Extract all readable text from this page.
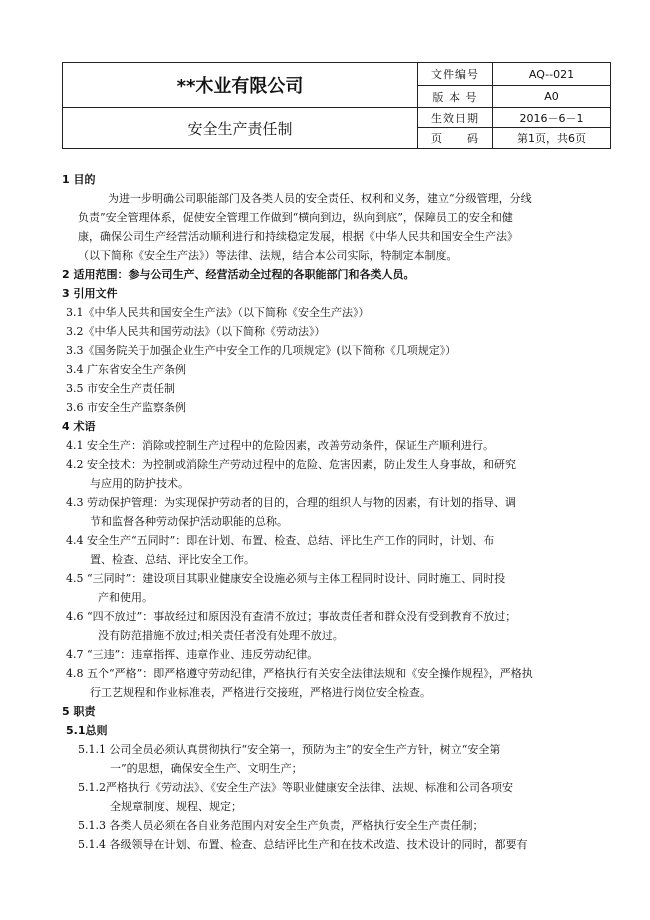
**木业有限公司	文件编号	AQ--021
	版 本 号	A0
安全生产责任制	生效日期	2016－6－1
	页　　码	第1页，共6页
1 目的
为进一步明确公司职能部门及各类人员的安全责任、权利和义务，建立“分级管理，分线
负责”安全管理体系，促使安全管理工作做到“横向到边，纵向到底”，保障员工的安全和健
康，确保公司生产经营活动顺利进行和持续稳定发展，根据《中华人民共和国安全生产法》
（以下简称《安全生产法》）等法律、法规，结合本公司实际，特制定本制度。
2 适用范围：参与公司生产、经营活动全过程的各职能部门和各类人员。
3 引用文件
3.1《中华人民共和国安全生产法》（以下简称《安全生产法》）
3.2《中华人民共和国劳动法》（以下简称《劳动法》）
3.3《国务院关于加强企业生产中安全工作的几项规定》(以下简称《几项规定》）
3.4 广东省安全生产条例
3.5 市安全生产责任制
3.6 市安全生产监察条例
4 术语
4.1 安全生产：消除或控制生产过程中的危险因素，改善劳动条件，保证生产顺利进行。
4.2 安全技术：为控制或消除生产劳动过程中的危险、危害因素，防止发生人身事故，和研究
与应用的防护技术。
4.3 劳动保护管理：为实现保护劳动者的目的，合理的组织人与物的因素，有计划的指导、调
节和监督各种劳动保护活动职能的总称。
4.4 安全生产“五同时”：即在计划、布置、检查、总结、评比生产工作的同时，计划、布
置、检查、总结、评比安全工作。
4.5 “三同时”：建设项目其职业健康安全设施必须与主体工程同时设计、同时施工、同时投
产和使用。
4.6 “四不放过”：事故经过和原因没有查清不放过；事故责任者和群众没有受到教育不放过；
没有防范措施不放过;相关责任者没有处理不放过。
4.7 “三违”：违章指挥、违章作业、违反劳动纪律。
4.8 五个“严格”：即严格遵守劳动纪律，严格执行有关安全法律法规和《安全操作规程》，严格执
行工艺规程和作业标准表，严格进行交接班，严格进行岗位安全检查。
5 职责
5.1总则
5.1.1 公司全员必须认真贯彻执行“安全第一，预防为主”的安全生产方针，树立“安全第
一”的思想，确保安全生产、文明生产；
5.1.2严格执行《劳动法》、《安全生产法》等职业健康安全法律、法规、标准和公司各项安
全规章制度、规程、规定；
5.1.3 各类人员必须在各自业务范围内对安全生产负责，严格执行安全生产责任制；
5.1.4 各级领导在计划、布置、检查、总结评比生产和在技术改造、技术设计的同时，都要有
